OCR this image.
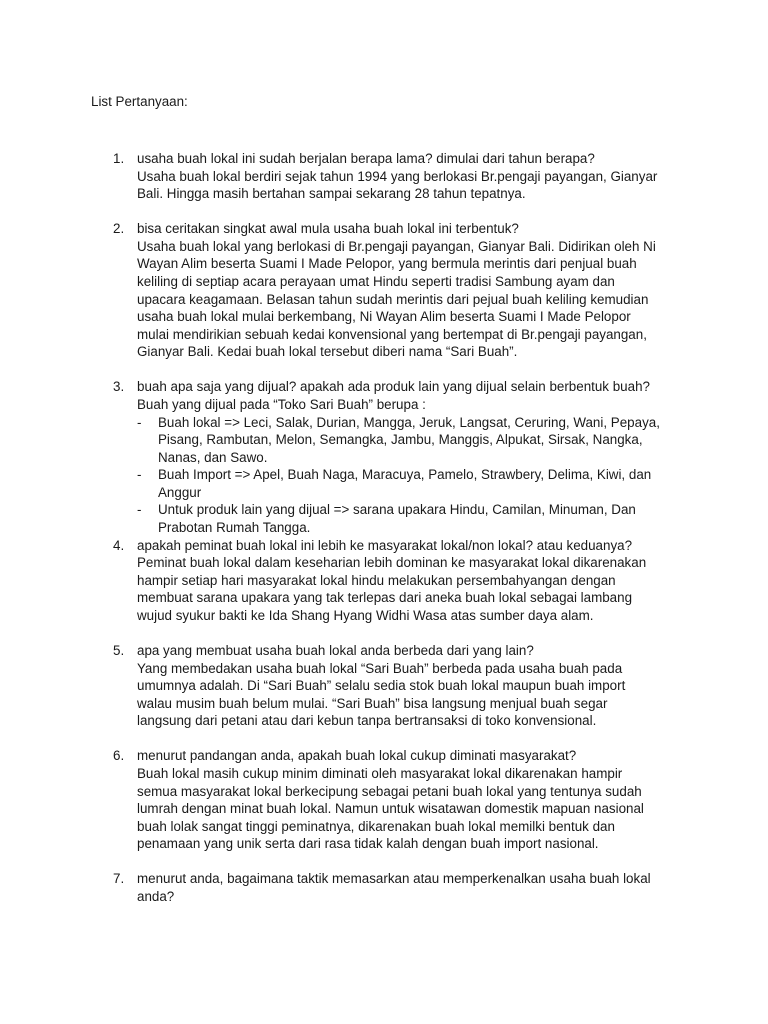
List Pertanyaan:
1. usaha buah lokal ini sudah berjalan berapa lama? dimulai dari tahun berapa?
Usaha buah lokal berdiri sejak tahun 1994 yang berlokasi Br.pengaji payangan, Gianyar
Bali. Hingga masih bertahan sampai sekarang 28 tahun tepatnya.
2. bisa ceritakan singkat awal mula usaha buah lokal ini terbentuk?
Usaha buah lokal yang berlokasi di Br.pengaji payangan, Gianyar Bali. Didirikan oleh Ni
Wayan Alim beserta Suami I Made Pelopor, yang bermula merintis dari penjual buah
keliling di septiap acara perayaan umat Hindu seperti tradisi Sambung ayam dan
upacara keagamaan. Belasan tahun sudah merintis dari pejual buah keliling kemudian
usaha buah lokal mulai berkembang, Ni Wayan Alim beserta Suami I Made Pelopor
mulai mendirikian sebuah kedai konvensional yang bertempat di Br.pengaji payangan,
Gianyar Bali. Kedai buah lokal tersebut diberi nama “Sari Buah”.
3. buah apa saja yang dijual? apakah ada produk lain yang dijual selain berbentuk buah?
Buah yang dijual pada “Toko Sari Buah” berupa :
- Buah lokal => Leci, Salak, Durian, Mangga, Jeruk, Langsat, Ceruring, Wani, Pepaya,
Pisang, Rambutan, Melon, Semangka, Jambu, Manggis, Alpukat, Sirsak, Nangka,
Nanas, dan Sawo.
- Buah Import => Apel, Buah Naga, Maracuya, Pamelo, Strawbery, Delima, Kiwi, dan
Anggur
- Untuk produk lain yang dijual => sarana upakara Hindu, Camilan, Minuman, Dan
Prabotan Rumah Tangga.
4. apakah peminat buah lokal ini lebih ke masyarakat lokal/non lokal? atau keduanya?
Peminat buah lokal dalam keseharian lebih dominan ke masyarakat lokal dikarenakan
hampir setiap hari masyarakat lokal hindu melakukan persembahyangan dengan
membuat sarana upakara yang tak terlepas dari aneka buah lokal sebagai lambang
wujud syukur bakti ke Ida Shang Hyang Widhi Wasa atas sumber daya alam.
5. apa yang membuat usaha buah lokal anda berbeda dari yang lain?
Yang membedakan usaha buah lokal “Sari Buah” berbeda pada usaha buah pada
umumnya adalah. Di “Sari Buah” selalu sedia stok buah lokal maupun buah import
walau musim buah belum mulai. “Sari Buah” bisa langsung menjual buah segar
langsung dari petani atau dari kebun tanpa bertransaksi di toko konvensional.
6. menurut pandangan anda, apakah buah lokal cukup diminati masyarakat?
Buah lokal masih cukup minim diminati oleh masyarakat lokal dikarenakan hampir
semua masyarakat lokal berkecipung sebagai petani buah lokal yang tentunya sudah
lumrah dengan minat buah lokal. Namun untuk wisatawan domestik mapuan nasional
buah lolak sangat tinggi peminatnya, dikarenakan buah lokal memilki bentuk dan
penamaan yang unik serta dari rasa tidak kalah dengan buah import nasional.
7. menurut anda, bagaimana taktik memasarkan atau memperkenalkan usaha buah lokal
anda?
